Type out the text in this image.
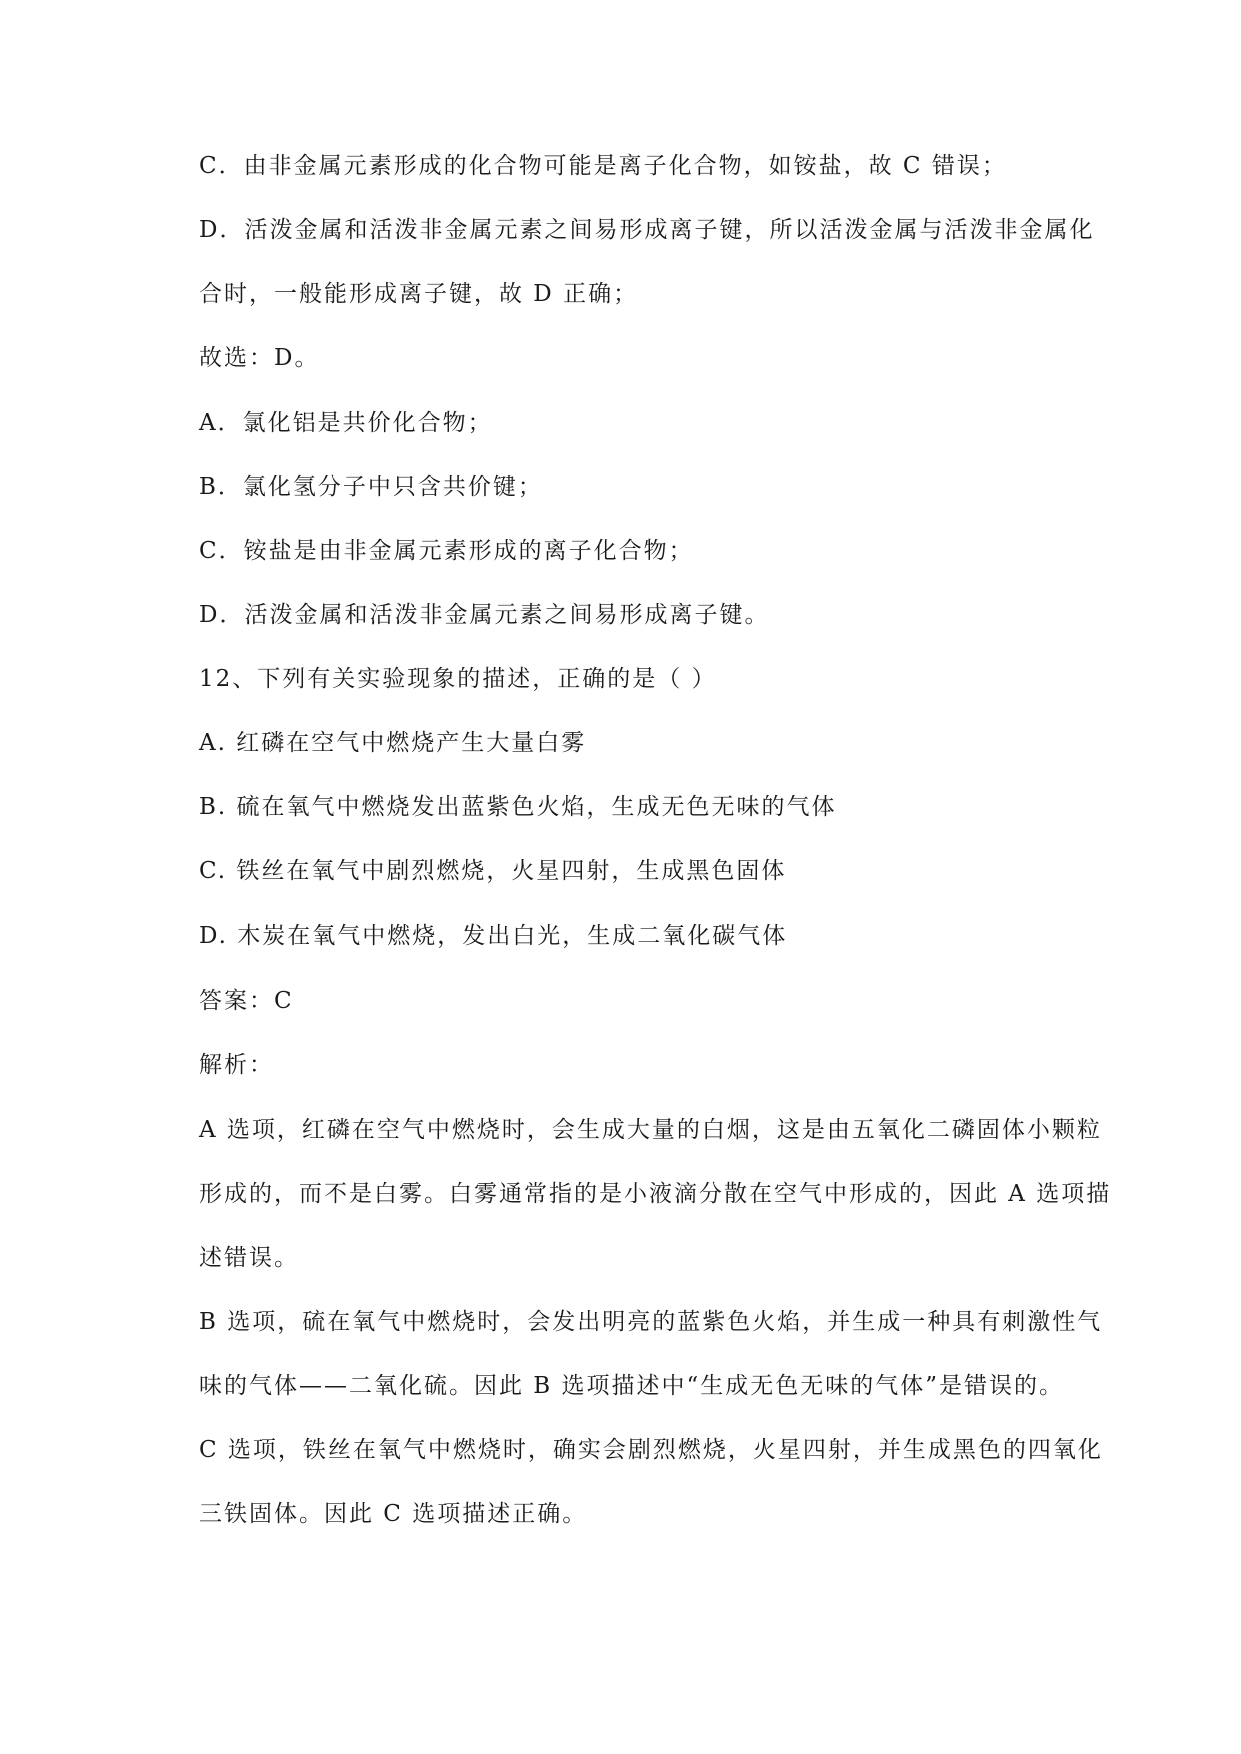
C．由非金属元素形成的化合物可能是离子化合物，如铵盐，故 C 错误；
D．活泼金属和活泼非金属元素之间易形成离子键，所以活泼金属与活泼非金属化
合时，一般能形成离子键，故 D 正确；
故选：D。
A．氯化铝是共价化合物；
B．氯化氢分子中只含共价键；
C．铵盐是由非金属元素形成的离子化合物；
D．活泼金属和活泼非金属元素之间易形成离子键。
12、下列有关实验现象的描述，正确的是（ ）
A. 红磷在空气中燃烧产生大量白雾
B. 硫在氧气中燃烧发出蓝紫色火焰，生成无色无味的气体
C. 铁丝在氧气中剧烈燃烧，火星四射，生成黑色固体
D. 木炭在氧气中燃烧，发出白光，生成二氧化碳气体
答案：C
解析：
A 选项，红磷在空气中燃烧时，会生成大量的白烟，这是由五氧化二磷固体小颗粒
形成的，而不是白雾。白雾通常指的是小液滴分散在空气中形成的，因此 A 选项描
述错误。
B 选项，硫在氧气中燃烧时，会发出明亮的蓝紫色火焰，并生成一种具有刺激性气
味的气体——二氧化硫。因此 B 选项描述中“生成无色无味的气体”是错误的。
C 选项，铁丝在氧气中燃烧时，确实会剧烈燃烧，火星四射，并生成黑色的四氧化
三铁固体。因此 C 选项描述正确。
